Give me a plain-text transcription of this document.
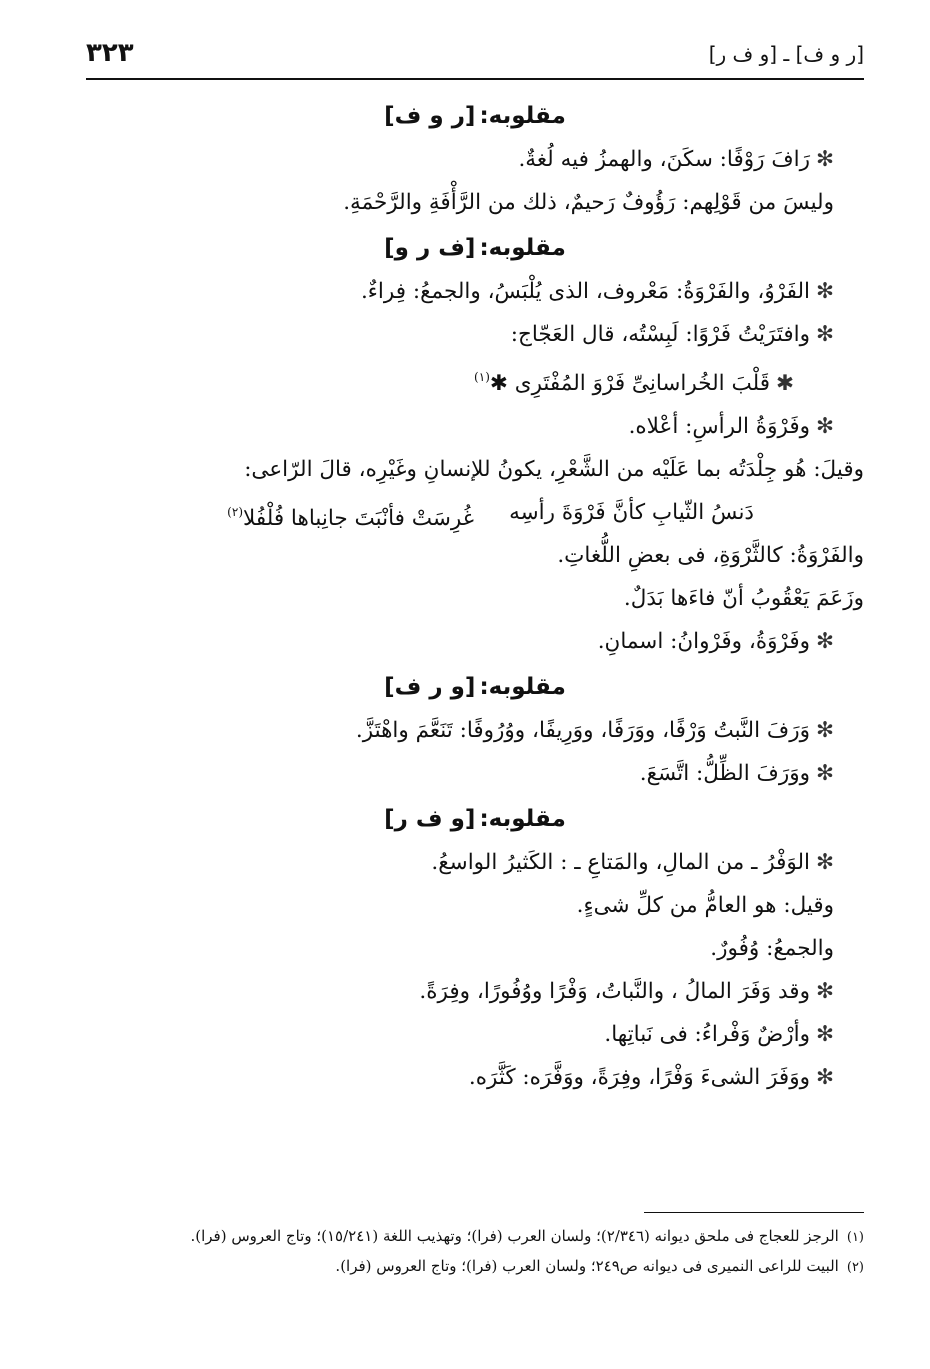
[ر و ف] ـ [و ف ر]
٣٢٣
مقلوبه:[ر و ف]
✻رَافَ رَوْفًا: سكَنَ، والهمزُ فيه لُغةٌ.
وليسَ من قَوْلِهم: رَؤُوفٌ رَحيمٌ، ذلك من الرَّأْفَةِ والرَّحْمَةِ.
مقلوبه:[ف ر و]
✻الفَرْوُ، والفَرْوَةُ: مَعْروف، الذى يُلْبَسُ، والجمعُ: فِراءٌ.
✻وافتَرَيْتُ فَرْوًا: لَبِسْتُه، قال العَجّاج:
✱قَلْبَ الخُراسانِىِّ فَرْوَ المُفْتَرِى ✱$^{(١)}$
✻وفَرْوَةُ الرأسِ: أعْلاه.
وقيلَ: هُو جِلْدَتُه بما عَلَيْه من الشَّعْرِ، يكونُ للإنسانِ وغَيْرِه، قالَ الرّاعى:
دَنسُ الثّيابِ كأنَّ فَرْوَةَ رأسِه
غُرِسَتْ فأنْبَتَ جانِباها فُلْفُلا$^{(٢)}$
والفَرْوَةُ: كالثَّرْوَةِ، فى بعضِ اللُّغاتِ.
وزَعَمَ يَعْقُوبُ أنّ فاءَها بَدَلٌ.
✻وفَرْوَةُ، وفَرْوانُ: اسمانِ.
مقلوبه:[و ر ف]
✻وَرَفَ النَّبتُ وَرْفًا، ووَرَفًا، ووَرِيفًا، ووُرُوفًا: تَنَعَّمَ واهْتَزَّ.
✻ووَرَفَ الظِّلُّ: اتَّسَعَ.
مقلوبه:[و ف ر]
✻الوَفْرُ ـ من المالِ، والمَتاعِ ـ : الكَثيرُ الواسعُ.
وقيل: هو العامُّ من كلِّ شىءٍ.
والجمعُ: وُفُورٌ.
✻وقد وَفَرَ المالُ ، والنَّباتُ، وَفْرًا ووُفُورًا، وفِرَةً.
✻وأرْضٌ وَفْراءُ: فى نَباتِها.
✻ووَفَرَ الشىءَ وَفْرًا، وفِرَةً، ووَفَّرَه: كَثَّرَه.
(١)الرجز للعجاج فى ملحق ديوانه (٢/٣٤٦)؛ ولسان العرب (فرا)؛ وتهذيب اللغة (١٥/٢٤١)؛ وتاج العروس (فرا).
(٢)البيت للراعى النميرى فى ديوانه ص٢٤٩؛ ولسان العرب (فرا)؛ وتاج العروس (فرا).
